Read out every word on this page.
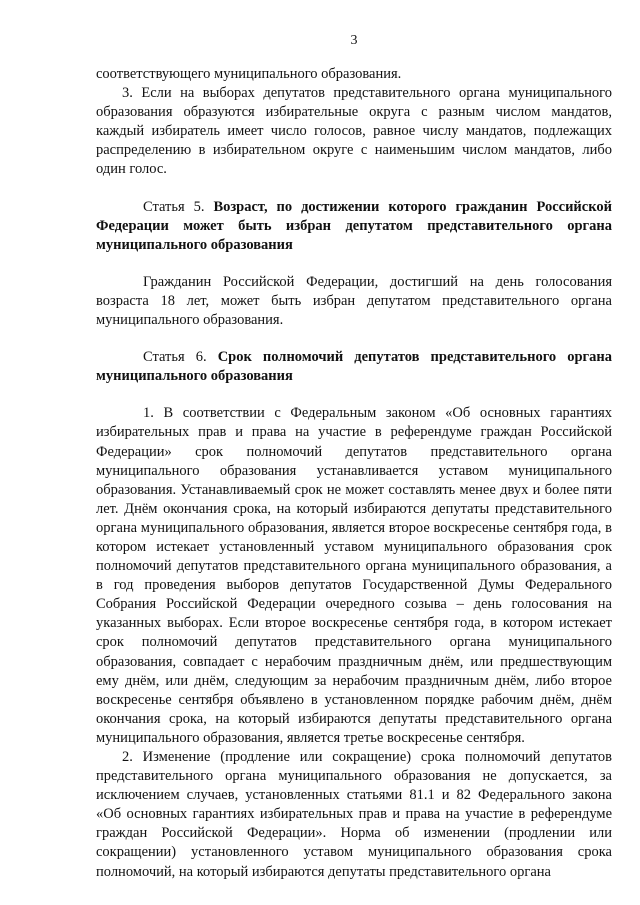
3

соответствующего муниципального образования.

3. Если на выборах депутатов представительного органа муниципального образования образуются избирательные округа с разным числом мандатов, каждый избиратель имеет число голосов, равное числу мандатов, подлежащих распределению в избирательном округе с наименьшим числом мандатов, либо один голос.

Статья 5. Возраст, по достижении которого гражданин Российской Федерации может быть избран депутатом представительного органа муниципального образования

Гражданин Российской Федерации, достигший на день голосования возраста 18 лет, может быть избран депутатом представительного органа муниципального образования.

Статья 6. Срок полномочий депутатов представительного органа муниципального образования

1. В соответствии с Федеральным законом «Об основных гарантиях избирательных прав и права на участие в референдуме граждан Российской Федерации» срок полномочий депутатов представительного органа муниципального образования устанавливается уставом муниципального образования. Устанавливаемый срок не может составлять менее двух и более пяти лет. Днём окончания срока, на который избираются депутаты представительного органа муниципального образования, является второе воскресенье сентября года, в котором истекает установленный уставом муниципального образования срок полномочий депутатов представительного органа муниципального образования, а в год проведения выборов депутатов Государственной Думы Федерального Собрания Российской Федерации очередного созыва – день голосования на указанных выборах. Если второе воскресенье сентября года, в котором истекает срок полномочий депутатов представительного органа муниципального образования, совпадает с нерабочим праздничным днём, или предшествующим ему днём, или днём, следующим за нерабочим праздничным днём, либо второе воскресенье сентября объявлено в установленном порядке рабочим днём, днём окончания срока, на который избираются депутаты представительного органа муниципального образования, является третье воскресенье сентября.

2. Изменение (продление или сокращение) срока полномочий депутатов представительного органа муниципального образования не допускается, за исключением случаев, установленных статьями 81.1 и 82 Федерального закона «Об основных гарантиях избирательных прав и права на участие в референдуме граждан Российской Федерации». Норма об изменении (продлении или сокращении) установленного уставом муниципального образования срока полномочий, на который избираются депутаты представительного органа
